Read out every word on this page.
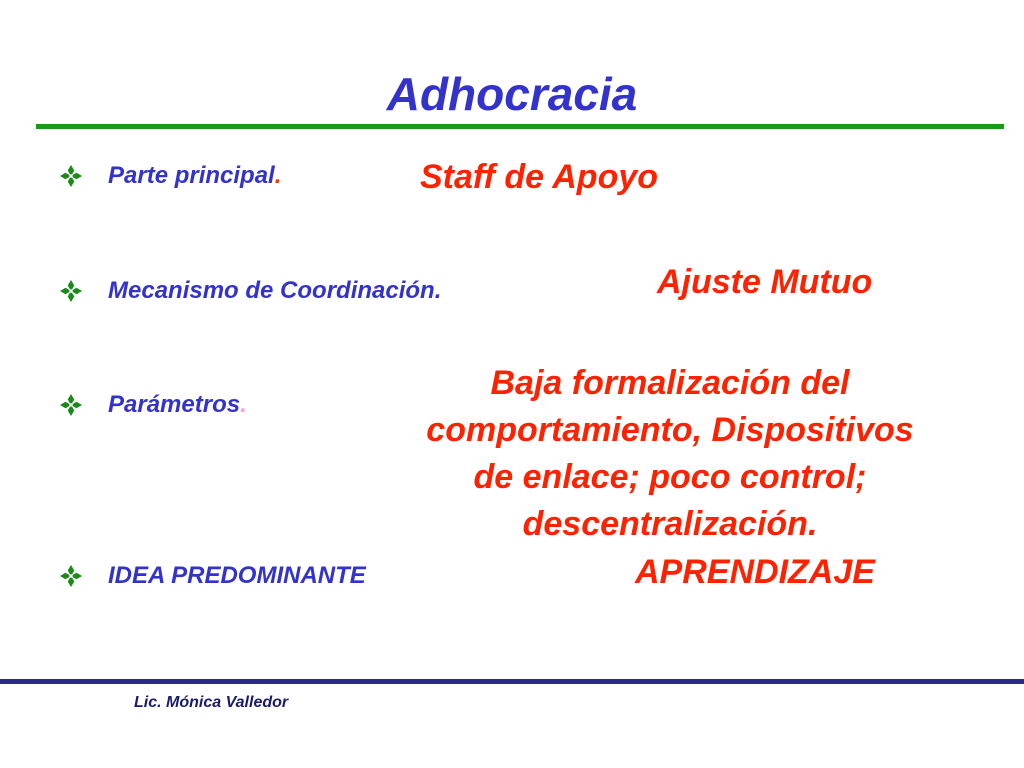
Adhocracia
Parte principal.
Mecanismo de Coordinación.
Parámetros.
IDEA PREDOMINANTE
Staff de Apoyo
Ajuste Mutuo
Baja formalización del
comportamiento, Dispositivos
de enlace; poco control;
descentralización.
APRENDIZAJE
Lic. Mónica Valledor
